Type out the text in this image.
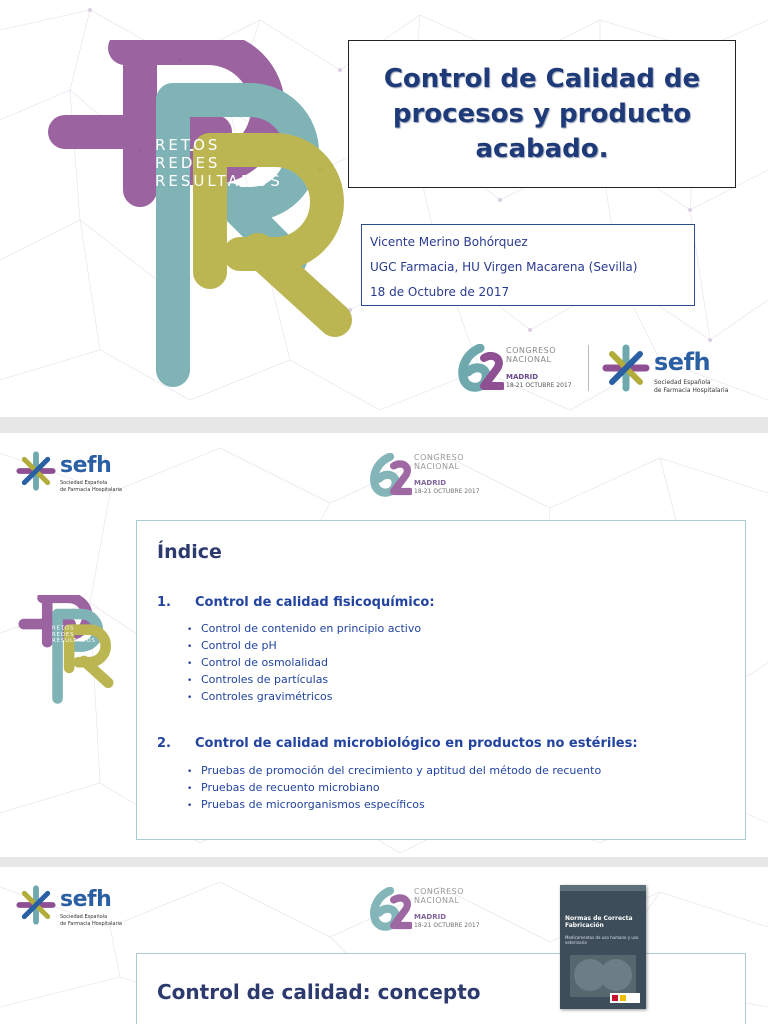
RETOS
REDES
RESULTADOS
Control de Calidad de
procesos y producto
acabado.
Vicente Merino Bohórquez
UGC Farmacia, HU Virgen Macarena (Sevilla)
18 de Octubre de 2017
CONGRESO
NACIONAL
MADRID
18-21 OCTUBRE 2017
sefh
Sociedad Española
de Farmacia Hospitalaria
sefh
Sociedad Española
de Farmacia Hospitalaria
CONGRESO
NACIONAL
MADRID
18-21 OCTUBRE 2017
RETOS
REDES
RESULTADOS
Índice
1. Control de calidad fisicoquímico:
• Control de contenido en principio activo
• Control de pH
• Control de osmolalidad
• Controles de partículas
• Controles gravimétricos
2. Control de calidad microbiológico en productos no estériles:
• Pruebas de promoción del crecimiento y aptitud del método de recuento
• Pruebas de recuento microbiano
• Pruebas de microorganismos específicos
sefh
Sociedad Española
de Farmacia Hospitalaria
CONGRESO
NACIONAL
MADRID
18-21 OCTUBRE 2017
Control de calidad: concepto
Normas de Correcta Fabricación
Medicamentos de uso humano y uso veterinario
